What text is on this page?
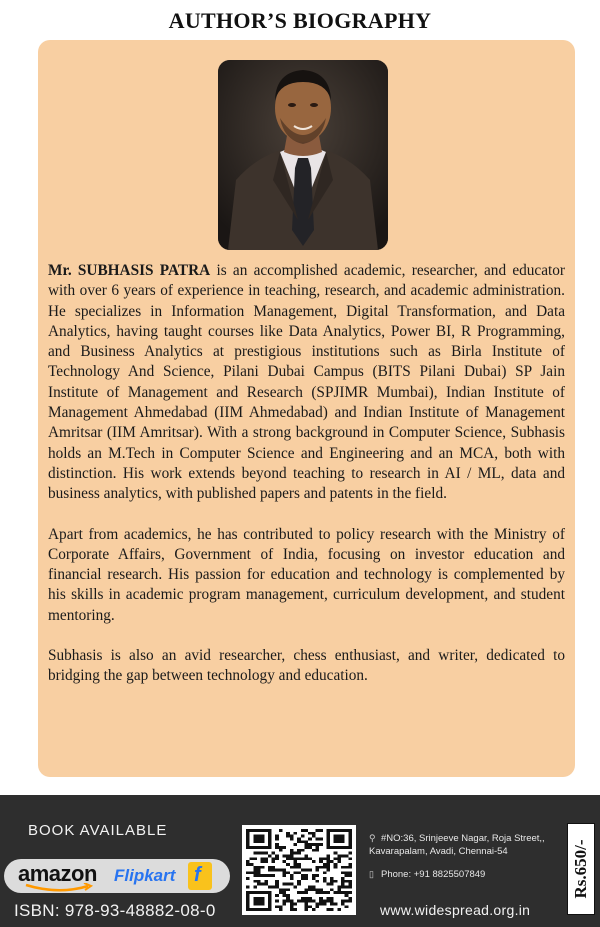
AUTHOR’S BIOGRAPHY

Mr. SUBHASIS PATRA is an accomplished academic, researcher, and educator with over 6 years of experience in teaching, research, and academic administration. He specializes in Information Management, Digital Transformation, and Data Analytics, having taught courses like Data Analytics, Power BI, R Programming, and Business Analytics at prestigious institutions such as Birla Institute of Technology And Science, Pilani Dubai Campus (BITS Pilani Dubai) SP Jain Institute of Management and Research (SPJIMR Mumbai), Indian Institute of Management Ahmedabad (IIM Ahmedabad) and Indian Institute of Management Amritsar (IIM Amritsar). With a strong background in Computer Science, Subhasis holds an M.Tech in Computer Science and Engineering and an MCA, both with distinction. His work extends beyond teaching to research in AI / ML, data and business analytics, with published papers and patents in the field.

Apart from academics, he has contributed to policy research with the Ministry of Corporate Affairs, Government of India, focusing on investor education and financial research. His passion for education and technology is complemented by his skills in academic program management, curriculum development, and student mentoring.

Subhasis is also an avid researcher, chess enthusiast, and writer, dedicated to bridging the gap between technology and education.

BOOK AVAILABLE
amazon Flipkart f
ISBN: 978-93-48882-08-0
⚲ #NO:36, Srinjeeve Nagar, Roja Street,, Kavarapalam, Avadi, Chennai-54
▯ Phone: +91 8825507849
www.widespread.org.in
Rs.650/-
